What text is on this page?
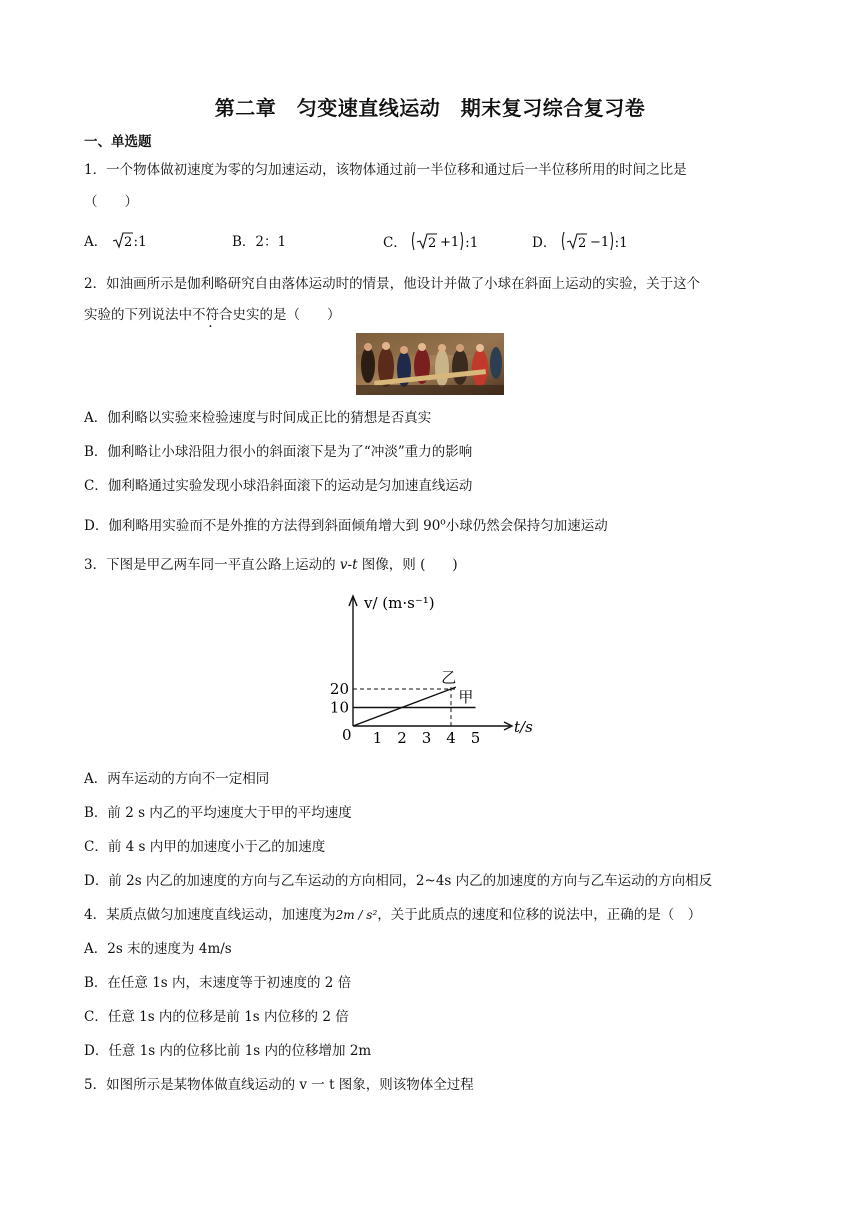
第二章　匀变速直线运动　期末复习综合复习卷
一、单选题
1．一个物体做初速度为零的匀加速运动，该物体通过前一半位移和通过后一半位移所用的时间之比是
（　　）
A． 2 :1	B．2：1	C． 2 +1 :1	D． 2 −1 :1
2．如油画所示是伽利略研究自由落体运动时的情景，他设计并做了小球在斜面上运动的实验，关于这个
实验的下列说法中不符合史实的是（　　）
A．伽利略以实验来检验速度与时间成正比的猜想是否真实
B．伽利略让小球沿阻力很小的斜面滚下是为了“冲淡”重力的影响
C．伽利略通过实验发现小球沿斜面滚下的运动是匀加速直线运动
D．伽利略用实验而不是外推的方法得到斜面倾角增大到 90$^o$小球仍然会保持匀加速运动
3．下图是甲乙两车同一平直公路上运动的 v-t 图像，则 (　　)
v/ (m·s⁻¹)
t/s
甲
乙
0 1 2 3 4 5
10
20
A．两车运动的方向不一定相同
B．前 2 s 内乙的平均速度大于甲的平均速度
C．前 4 s 内甲的加速度小于乙的加速度
D．前 2s 内乙的加速度的方向与乙车运动的方向相同，2~4s 内乙的加速度的方向与乙车运动的方向相反
4．某质点做匀加速度直线运动，加速度为2m / s²，关于此质点的速度和位移的说法中，正确的是（　）
A．2s 末的速度为 4m/s
B．在任意 1s 内，末速度等于初速度的 2 倍
C．任意 1s 内的位移是前 1s 内位移的 2 倍
D．任意 1s 内的位移比前 1s 内的位移增加 2m
5．如图所示是某物体做直线运动的 v 一 t 图象，则该物体全过程
